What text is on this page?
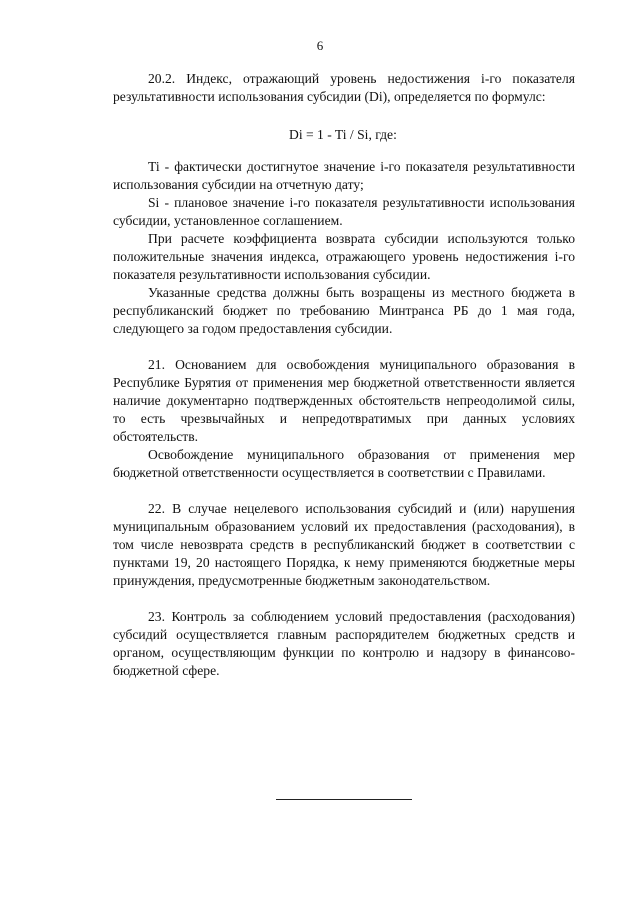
6

20.2. Индекс, отражающий уровень недостижения i-го показателя результативности использования субсидии (Di), определяется по формулс:

Di = 1 - Ti / Si, где:

Ti - фактически достигнутое значение i-го показателя результативности использования субсидии на отчетную дату;

Si - плановое значение i-го показателя результативности использования субсидии, установленное соглашением.

При расчете коэффициента возврата субсидии используются только положительные значения индекса, отражающего уровень недостижения i-го показателя результативности использования субсидии.

Указанные средства должны быть возращены из местного бюджета в республиканский бюджет по требованию Минтранса РБ до 1 мая года, следующего за годом предоставления субсидии.

21. Основанием для освобождения муниципального образования в Республике Бурятия от применения мер бюджетной ответственности является наличие документарно подтвержденных обстоятельств непреодолимой силы, то есть чрезвычайных и непредотвратимых при данных условиях обстоятельств.

Освобождение муниципального образования от применения мер бюджетной ответственности осуществляется в соответствии с Правилами.

22. В случае нецелевого использования субсидий и (или) нарушения муниципальным образованием условий их предоставления (расходования), в том числе невозврата средств в республиканский бюджет в соответствии с пунктами 19, 20 настоящего Порядка, к нему применяются бюджетные меры принуждения, предусмотренные бюджетным законодательством.

23. Контроль за соблюдением условий предоставления (расходования) субсидий осуществляется главным распорядителем бюджетных средств и органом, осуществляющим функции по контролю и надзору в финансово-бюджетной сфере.
